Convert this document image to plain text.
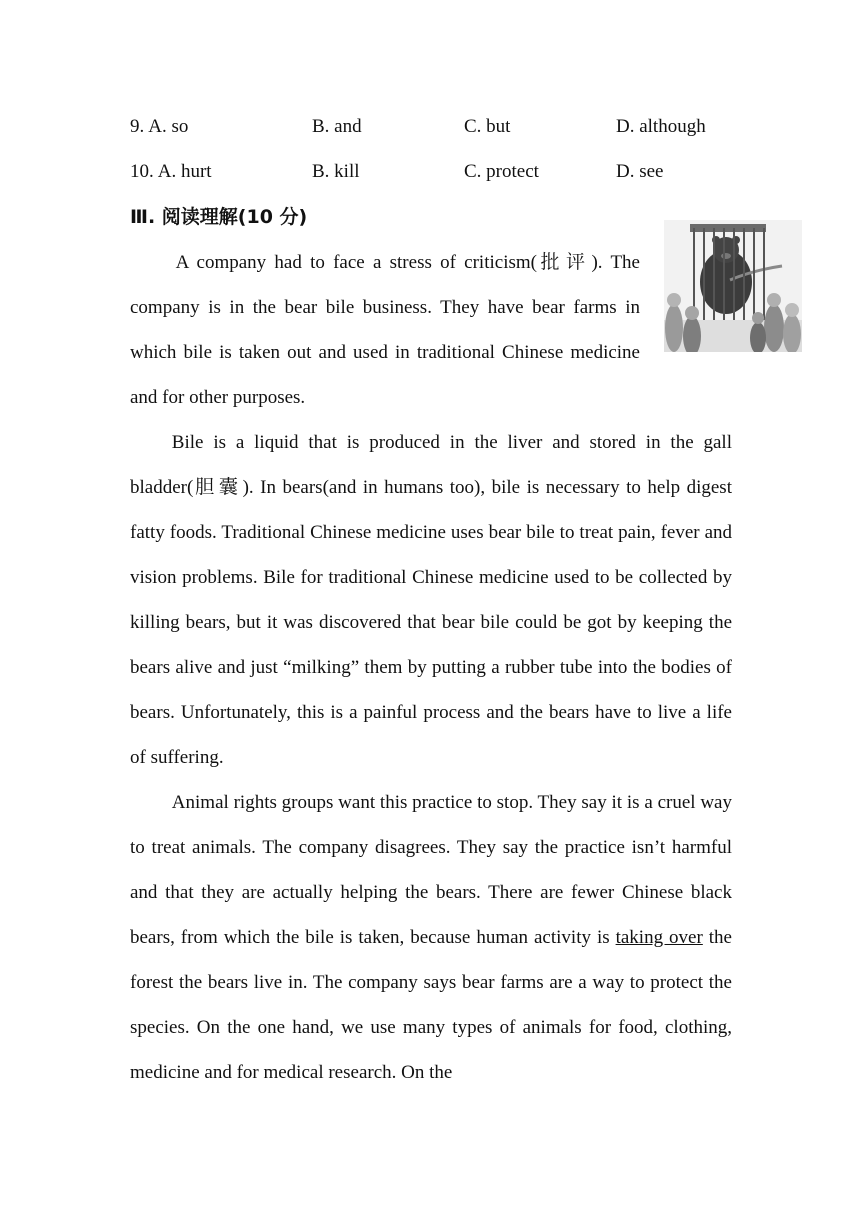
9. A. so	B. and	C. but	D. although
10. A. hurt	B. kill	C. protect	D. see
Ⅲ. 阅读理解(10 分)

A company had to face a stress of criticism(批评). The company is in the bear bile business. They have bear farms in which bile is taken out and used in traditional Chinese medicine and for other purposes.

Bile is a liquid that is produced in the liver and stored in the gall bladder(胆囊). In bears(and in humans too), bile is necessary to help digest fatty foods. Traditional Chinese medicine uses bear bile to treat pain, fever and vision problems. Bile for traditional Chinese medicine used to be collected by killing bears, but it was discovered that bear bile could be got by keeping the bears alive and just “milking” them by putting a rubber tube into the bodies of bears. Unfortunately, this is a painful process and the bears have to live a life of suffering.

Animal rights groups want this practice to stop. They say it is a cruel way to treat animals. The company disagrees. They say the practice isn’t harmful and that they are actually helping the bears. There are fewer Chinese black bears, from which the bile is taken, because human activity is taking over the forest the bears live in. The company says bear farms are a way to protect the species. On the one hand, we use many types of animals for food, clothing, medicine and for medical research. On the
